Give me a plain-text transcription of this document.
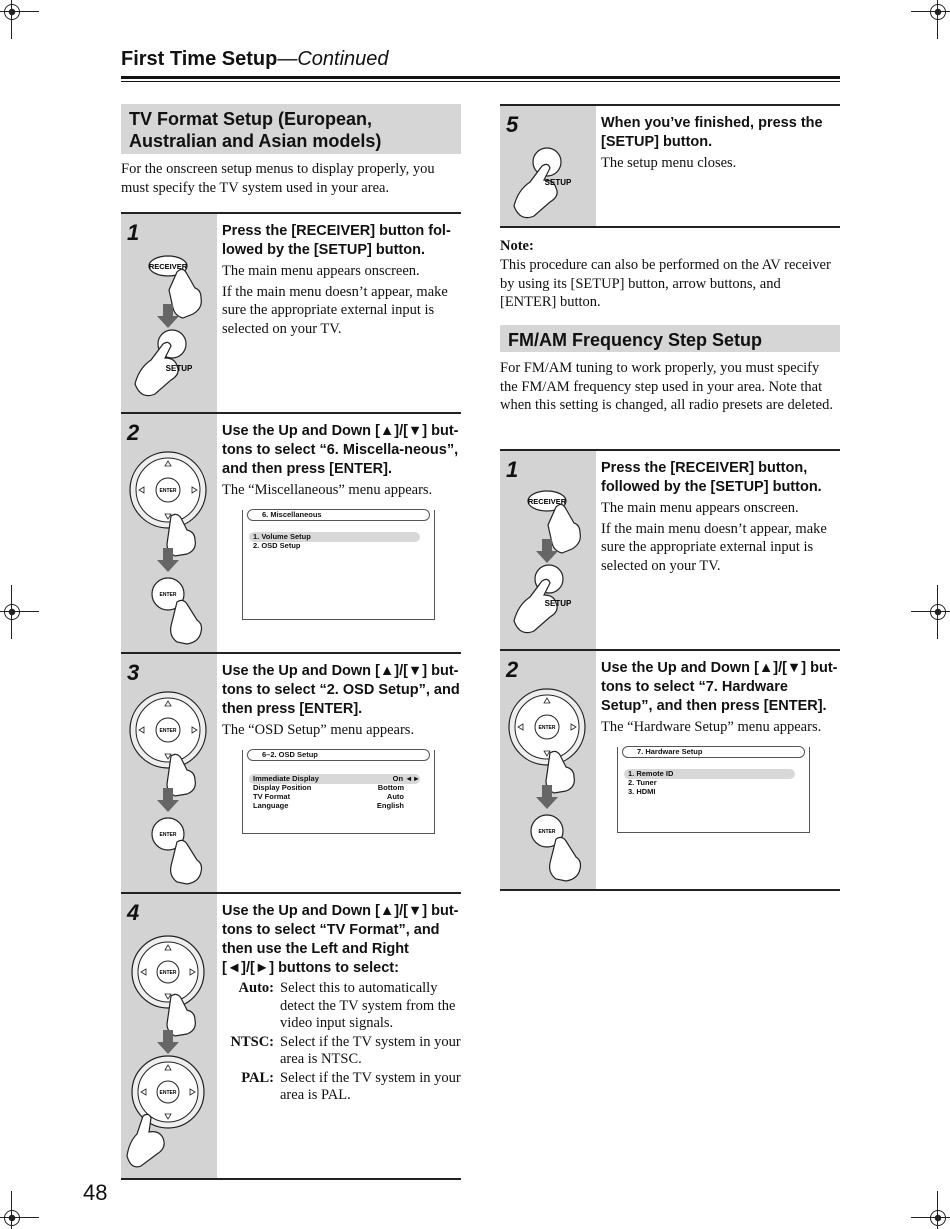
First Time Setup—Continued
TV Format Setup (European,
Australian and Asian models)
For the onscreen setup menus to display properly, you must specify the TV system used in your area.
1
RECEIVER
SETUP
Press the [RECEIVER] button fol-lowed by the [SETUP] button.

The main menu appears onscreen.

If the main menu doesn’t appear, make sure the appropriate external input is selected on your TV.

2
ENTER
ENTER
Use the Up and Down [▲]/[▼] but-tons to select “6. Miscella-neous”, and then press [ENTER].

The “Miscellaneous” menu appears.

6. Miscellaneous
1. Volume Setup
2. OSD Setup
3
ENTER
ENTER
Use the Up and Down [▲]/[▼] but-tons to select “2. OSD Setup”, and then press [ENTER].

The “OSD Setup” menu appears.

6–2. OSD Setup
Immediate Display	On ◄►
Display Position	Bottom
TV Format	Auto
Language	English
4
ENTER
ENTER
Use the Up and Down [▲]/[▼] but-tons to select “TV Format”, and then use the Left and Right [◄]/[►] buttons to select:
Auto: Select this to automatically detect the TV system from the video input signals.
NTSC: Select if the TV system in your area is NTSC.
PAL: Select if the TV system in your area is PAL.
5
SETUP
When you’ve finished, press the [SETUP] button.

The setup menu closes.

Note:
This procedure can also be performed on the AV receiver by using its [SETUP] button, arrow buttons, and [ENTER] button.
FM/AM Frequency Step Setup
For FM/AM tuning to work properly, you must specify the FM/AM frequency step used in your area. Note that when this setting is changed, all radio presets are deleted.
1
RECEIVER
SETUP
Press the [RECEIVER] button, followed by the [SETUP] button.

The main menu appears onscreen.

If the main menu doesn’t appear, make sure the appropriate external input is selected on your TV.

2
ENTER
ENTER
Use the Up and Down [▲]/[▼] but-tons to select “7. Hardware Setup”, and then press [ENTER].

The “Hardware Setup” menu appears.

7. Hardware Setup
1. Remote ID
2. Tuner
3. HDMI
48
